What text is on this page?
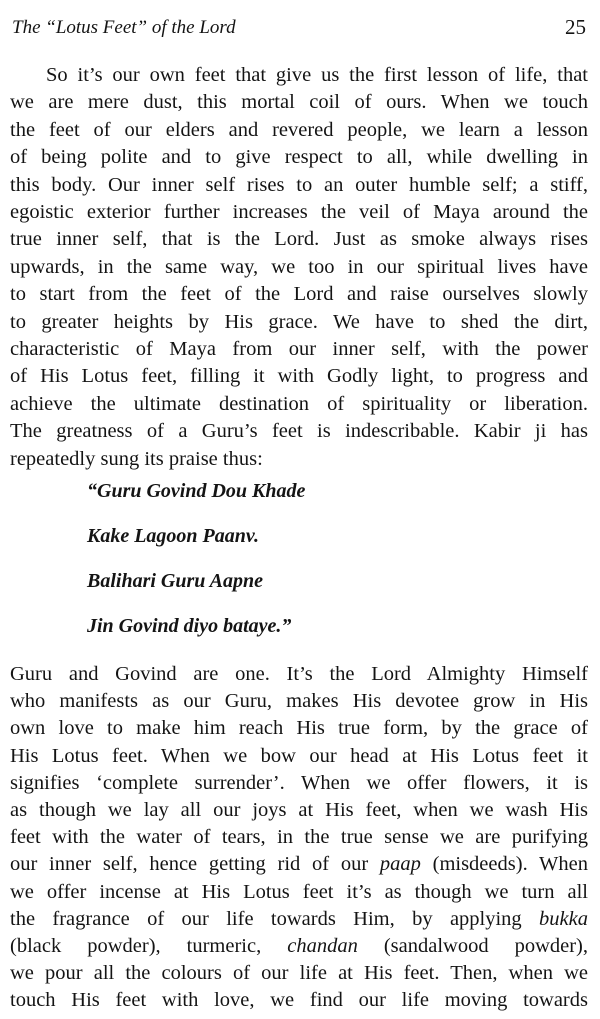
The “Lotus Feet” of the Lord	25

So it’s our own feet that give us the first lesson of life, that
we are mere dust, this mortal coil of ours. When we touch
the feet of our elders and revered people, we learn a lesson
of being polite and to give respect to all, while dwelling in
this body. Our inner self rises to an outer humble self; a stiff,
egoistic exterior further increases the veil of Maya around the
true inner self, that is the Lord. Just as smoke always rises
upwards, in the same way, we too in our spiritual lives have
to start from the feet of the Lord and raise ourselves slowly
to greater heights by His grace. We have to shed the dirt,
characteristic of Maya from our inner self, with the power
of His Lotus feet, filling it with Godly light, to progress and
achieve the ultimate destination of spirituality or liberation.
The greatness of a Guru’s feet is indescribable. Kabir ji has
repeatedly sung its praise thus:

“Guru Govind Dou Khade
Kake Lagoon Paanv.
Balihari Guru Aapne
Jin Govind diyo bataye.”

Guru and Govind are one. It’s the Lord Almighty Himself
who manifests as our Guru, makes His devotee grow in His
own love to make him reach His true form, by the grace of
His Lotus feet. When we bow our head at His Lotus feet it
signifies ‘complete surrender’. When we offer flowers, it is
as though we lay all our joys at His feet, when we wash His
feet with the water of tears, in the true sense we are purifying
our inner self, hence getting rid of our paap (misdeeds). When
we offer incense at His Lotus feet it’s as though we turn all
the fragrance of our life towards Him, by applying bukka
(black powder), turmeric, chandan (sandalwood powder),
we pour all the colours of our life at His feet. Then, when we
touch His feet with love, we find our life moving towards
